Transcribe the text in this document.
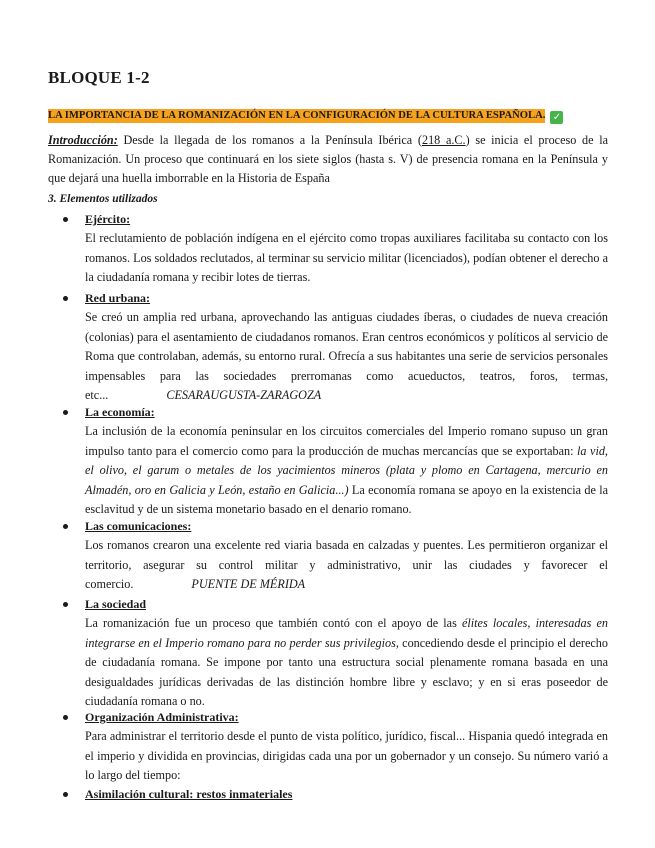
BLOQUE 1-2
LA IMPORTANCIA DE LA ROMANIZACIÓN EN LA CONFIGURACIÓN DE LA CULTURA ESPAÑOLA. ✓

Introducción: Desde la llegada de los romanos a la Península Ibérica (218 a.C.) se inicia el proceso de la Romanización. Un proceso que continuará en los siete siglos (hasta s. V) de presencia romana en la Península y que dejará una huella imborrable en la Historia de España

3. Elementos utilizados

Ejército:

El reclutamiento de población indígena en el ejército como tropas auxiliares facilitaba su contacto con los romanos. Los soldados reclutados, al terminar su servicio militar (licenciados), podían obtener el derecho a la ciudadanía romana y recibir lotes de tierras.

Red urbana:

Se creó un amplia red urbana, aprovechando las antiguas ciudades íberas, o ciudades de nueva creación (colonias) para el asentamiento de ciudadanos romanos. Eran centros económicos y políticos al servicio de Roma que controlaban, además, su entorno rural. Ofrecía a sus habitantes una serie de servicios personales impensables para las sociedades prerromanas como acueductos, teatros, foros, termas, etc...	CESARAUGUSTA-ZARAGOZA

La economía:

La inclusión de la economía peninsular en los circuitos comerciales del Imperio romano supuso un gran impulso tanto para el comercio como para la producción de muchas mercancías que se exportaban: la vid, el olivo, el garum o metales de los yacimientos mineros (plata y plomo en Cartagena, mercurio en Almadén, oro en Galicia y León, estaño en Galicia...) La economía romana se apoyo en la existencia de la esclavitud y de un sistema monetario basado en el denario romano.

Las comunicaciones:

Los romanos crearon una excelente red viaria basada en calzadas y puentes. Les permitieron organizar el territorio, asegurar su control militar y administrativo, unir las ciudades y favorecer el comercio.	PUENTE DE MÉRIDA

La sociedad

La romanización fue un proceso que también contó con el apoyo de las élites locales, interesadas en integrarse en el Imperio romano para no perder sus privilegios, concediendo desde el principio el derecho de ciudadanía romana. Se impone por tanto una estructura social plenamente romana basada en una desigualdades jurídicas derivadas de las distinción hombre libre y esclavo; y en si eras poseedor de ciudadanía romana o no.

Organización Administrativa:

Para administrar el territorio desde el punto de vista político, jurídico, fiscal... Hispania quedó integrada en el imperio y dividida en provincias, dirigidas cada una por un gobernador y un consejo. Su número varió a lo largo del tiempo:

Asimilación cultural: restos inmateriales
